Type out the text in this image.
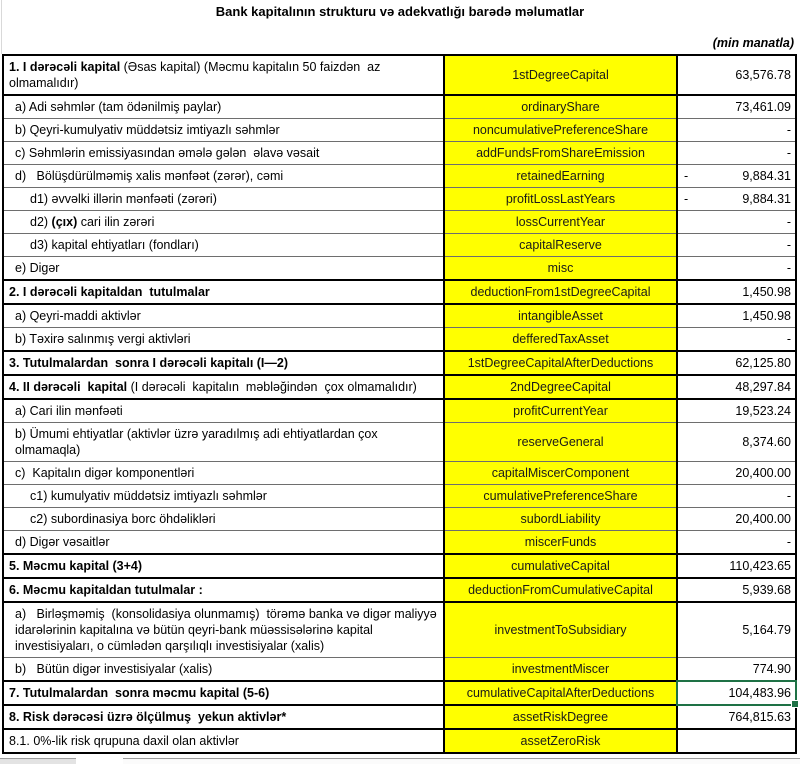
Bank kapitalının strukturu və adekvatlığı barədə məlumatlar
(min manatla)
1. I dərəcəli kapital (Əsas kapital) (Məcmu kapitalın 50 faizdən  az olmamalıdır)	1stDegreeCapital	63,576.78
a) Adi səhmlər (tam ödənilmiş paylar)	ordinaryShare	73,461.09
b) Qeyri-kumulyativ müddətsiz imtiyazlı səhmlər	noncumulativePreferenceShare	-
c) Səhmlərin emissiyasından əmələ gələn  əlavə vəsait	addFundsFromShareEmission	-
d)   Bölüşdürülməmiş xalis mənfəət (zərər), cəmi	retainedEarning	- 9,884.31
d1) əvvəlki illərin mənfəəti (zərəri)	profitLossLastYears	- 9,884.31
d2) (çıx) cari ilin zərəri	lossCurrentYear	-
d3) kapital ehtiyatları (fondları)	capitalReserve	-
e) Digər	misc	-
2. I dərəcəli kapitaldan  tutulmalar	deductionFrom1stDegreeCapital	1,450.98
a) Qeyri-maddi aktivlər	intangibleAsset	1,450.98
b) Təxirə salınmış vergi aktivləri	defferedTaxAsset	-
3. Tutulmalardan  sonra I dərəcəli kapitalı (I—2)	1stDegreeCapitalAfterDeductions	62,125.80
4. II dərəcəli  kapital (I dərəcəli  kapitalın  məbləğindən  çox olmamalıdır)	2ndDegreeCapital	48,297.84
a) Cari ilin mənfəəti	profitCurrentYear	19,523.24
b) Ümumi ehtiyatlar (aktivlər üzrə yaradılmış adi ehtiyatlardan çox olmamaqla)	reserveGeneral	8,374.60
c)  Kapitalın digər komponentləri	capitalMiscerComponent	20,400.00
c1) kumulyativ müddətsiz imtiyazlı səhmlər	cumulativePreferenceShare	-
c2) subordinasiya borc öhdəlikləri	subordLiability	20,400.00
d) Digər vəsaitlər	miscerFunds	-
5. Məcmu kapital (3+4)	cumulativeCapital	110,423.65
6. Məcmu kapitaldan tutulmalar :	deductionFromCumulativeCapital	5,939.68
a)   Birləşməmiş  (konsolidasiya olunmamış)  törəmə banka və digər maliyyə idarələrinin kapitalına və bütün qeyri-bank müəssisələrinə kapital investisiyaları, o cümlədən qarşılıqlı investisiyalar (xalis)	investmentToSubsidiary	5,164.79
b)   Bütün digər investisiyalar (xalis)	investmentMiscer	774.90
7. Tutulmalardan  sonra məcmu kapital (5-6)	cumulativeCapitalAfterDeductions	104,483.96

8. Risk dərəcəsi üzrə ölçülmuş  yekun aktivlər*	assetRiskDegree	764,815.63
8.1. 0%-lik risk qrupuna daxil olan aktivlər	assetZeroRisk	
